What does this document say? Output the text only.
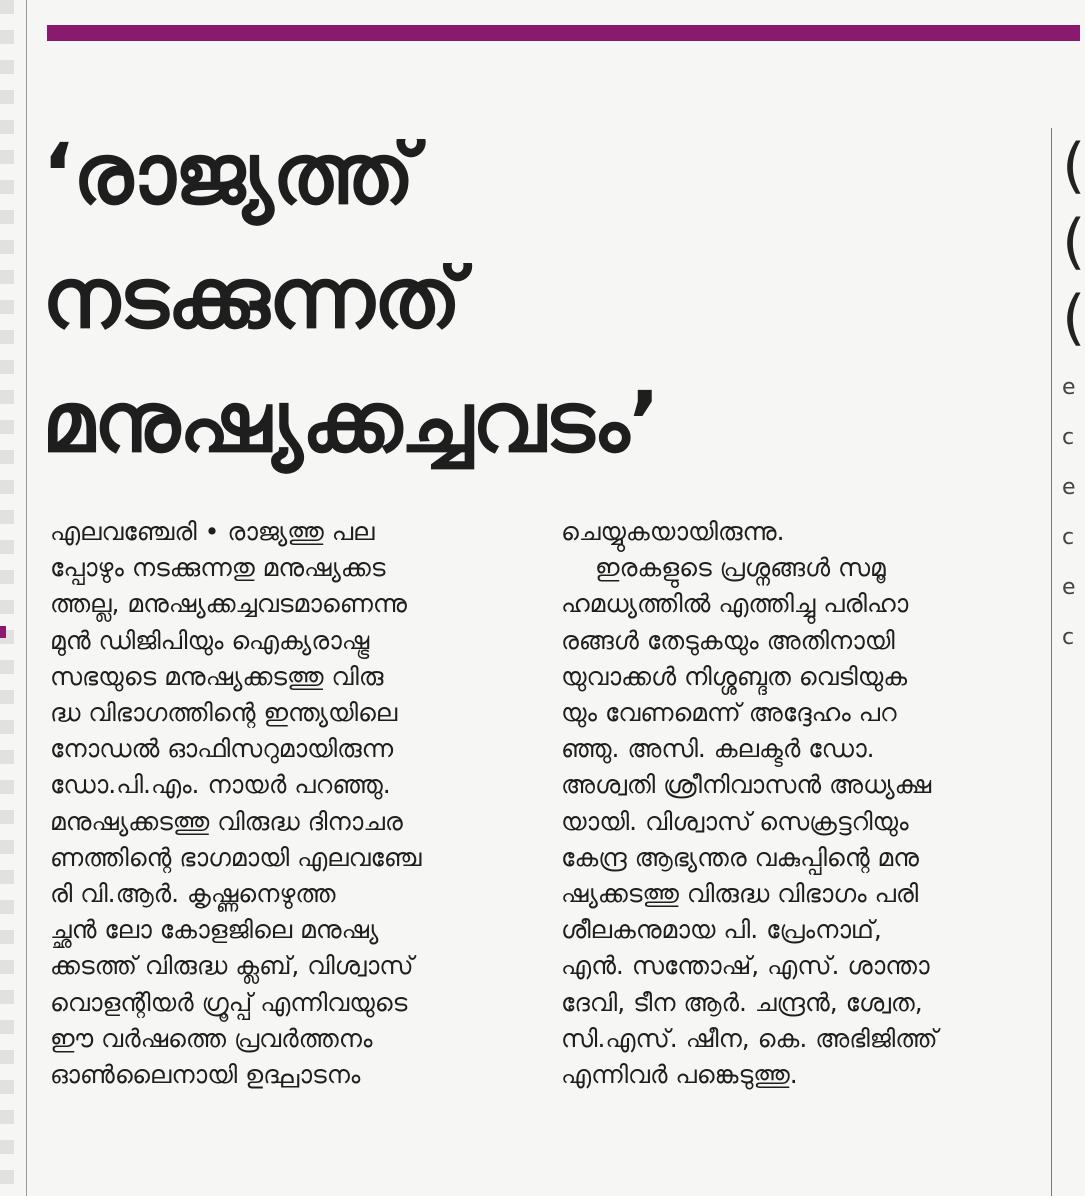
‘രാജ്യത്ത്
നടക്കുന്നത്
മനുഷ്യക്കച്ചവടം’
എലവഞ്ചേരി • രാജ്യത്തു പല
പ്പോഴും നടക്കുന്നതു മനുഷ്യക്കട
ത്തല്ല, മനുഷ്യക്കച്ചവടമാണെന്നു
മുൻ ഡിജിപിയും ഐക്യരാഷ്ട്ര
സഭയുടെ മനുഷ്യക്കടത്തു വിരു
ദ്ധ വിഭാഗത്തിന്റെ ഇന്ത്യയിലെ
നോഡൽ ഓഫിസറുമായിരുന്ന
ഡോ.പി.എം. നായർ പറഞ്ഞു.
മനുഷ്യക്കടത്തു വിരുദ്ധ ദിനാചര
ണത്തിന്റെ ഭാഗമായി എലവഞ്ചേ
രി വി.ആർ. കൃഷ്ണനെഴുത്ത
ച്ഛൻ ലോ കോളജിലെ മനുഷ്യ
ക്കടത്ത് വിരുദ്ധ ക്ലബ്, വിശ്വാസ്
വൊളന്റിയർ ഗ്രൂപ്പ് എന്നിവയുടെ
ഈ വർഷത്തെ പ്രവർത്തനം
ഓൺലൈനായി ഉദ്ഘാടനം
ചെയ്യുകയായിരുന്നു.
ഇരകളുടെ പ്രശ്നങ്ങൾ സമൂ
ഹമധ്യത്തിൽ എത്തിച്ചു പരിഹാ
രങ്ങൾ തേടുകയും അതിനായി
യുവാക്കൾ നിശ്ശബ്ദത വെടിയുക
യും വേണമെന്ന് അദ്ദേഹം പറ
ഞ്ഞു. അസി. കലക്ടർ ഡോ.
അശ്വതി ശ്രീനിവാസൻ അധ്യക്ഷ
യായി. വിശ്വാസ് സെക്രട്ടറിയും
കേന്ദ്ര ആഭ്യന്തര വകുപ്പിന്റെ മനു
ഷ്യക്കടത്തു വിരുദ്ധ വിഭാഗം പരി
ശീലകനുമായ പി. പ്രേംനാഥ്,
എൻ. സന്തോഷ്, എസ്. ശാന്താ
ദേവി, ടീന ആർ. ചന്ദ്രൻ, ശ്വേത,
സി.എസ്. ഷീന, കെ. അഭിജിത്ത്
എന്നിവർ പങ്കെടുത്തു.
(
(
(
e
c
e
c
e
c
